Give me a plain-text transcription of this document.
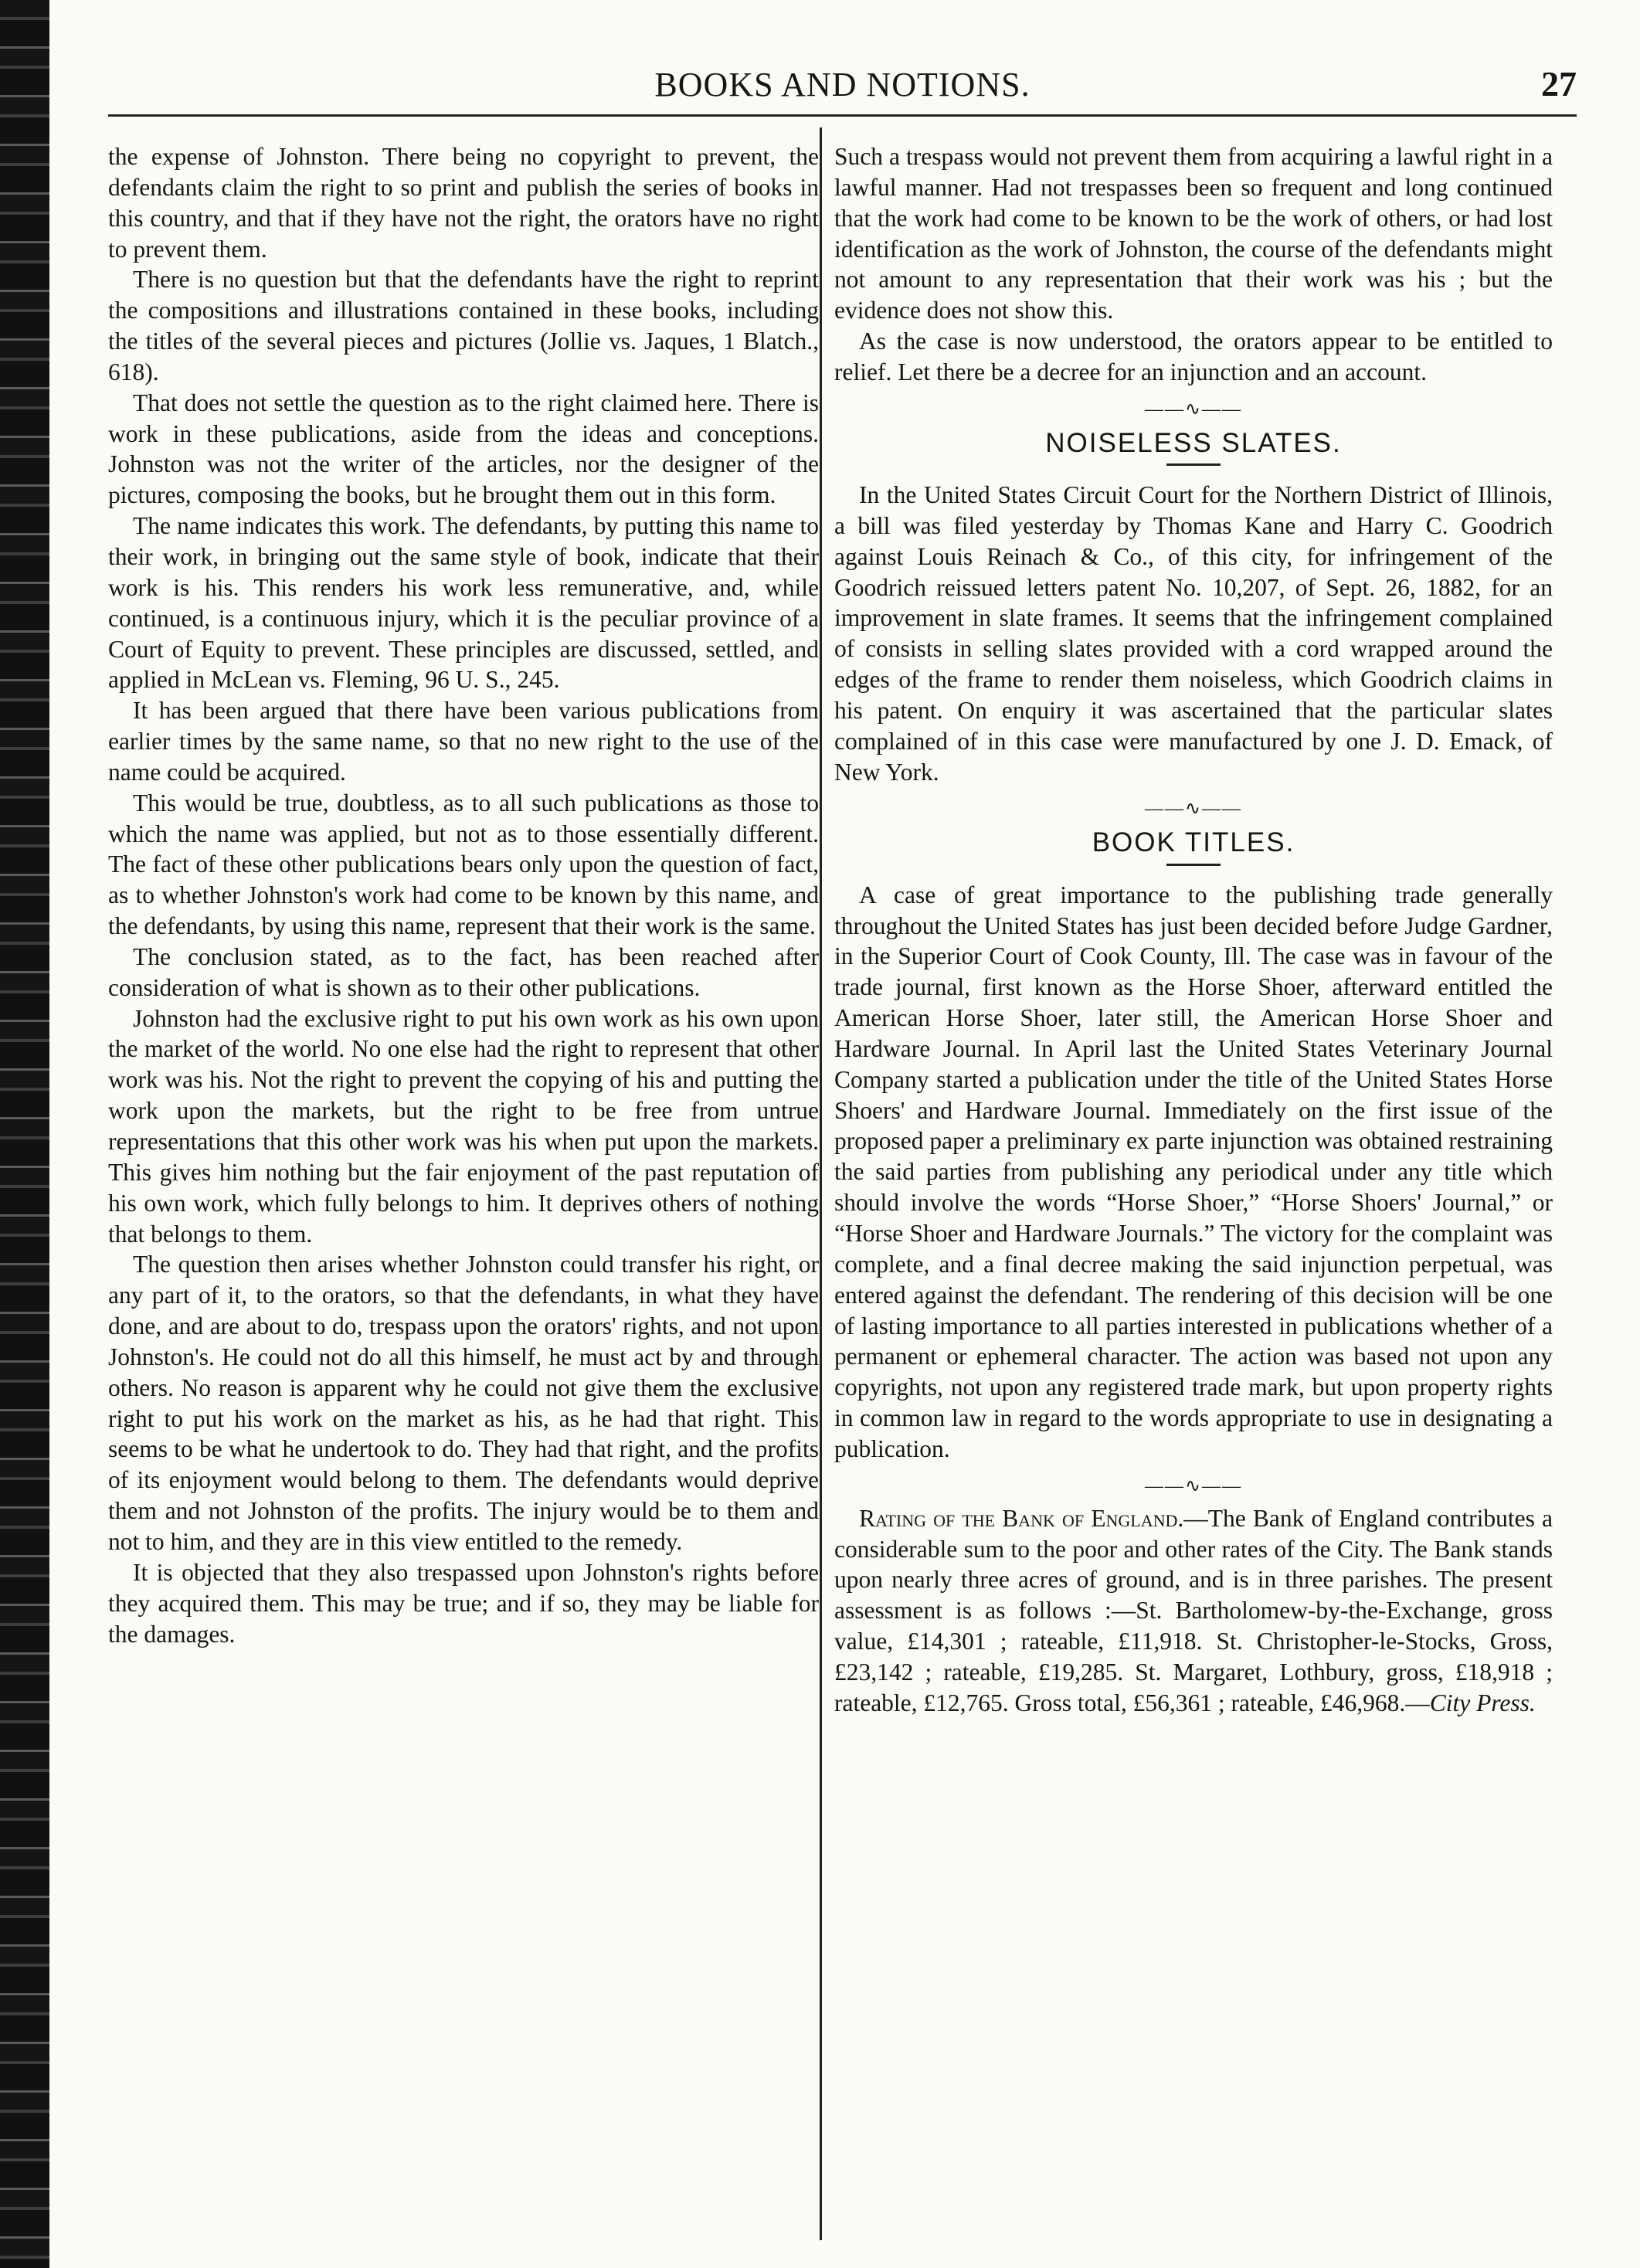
BOOKS AND NOTIONS.	27

the expense of Johnston. There being no copyright to prevent, the defendants claim the right to so print and publish the series of books in this country, and that if they have not the right, the orators have no right to prevent them.

There is no question but that the defendants have the right to reprint the compositions and illustrations contained in these books, including the titles of the several pieces and pictures (Jollie vs. Jaques, 1 Blatch., 618).

That does not settle the question as to the right claimed here. There is work in these publications, aside from the ideas and conceptions. Johnston was not the writer of the articles, nor the designer of the pictures, composing the books, but he brought them out in this form.

The name indicates this work. The defendants, by putting this name to their work, in bringing out the same style of book, indicate that their work is his. This renders his work less remunerative, and, while continued, is a continuous injury, which it is the peculiar province of a Court of Equity to prevent. These principles are discussed, settled, and applied in McLean vs. Fleming, 96 U. S., 245.

It has been argued that there have been various publications from earlier times by the same name, so that no new right to the use of the name could be acquired.

This would be true, doubtless, as to all such publications as those to which the name was applied, but not as to those essentially different. The fact of these other publications bears only upon the question of fact, as to whether Johnston's work had come to be known by this name, and the defendants, by using this name, represent that their work is the same.

The conclusion stated, as to the fact, has been reached after consideration of what is shown as to their other publications.

Johnston had the exclusive right to put his own work as his own upon the market of the world. No one else had the right to represent that other work was his. Not the right to prevent the copying of his and putting the work upon the markets, but the right to be free from untrue representations that this other work was his when put upon the markets. This gives him nothing but the fair enjoyment of the past reputation of his own work, which fully belongs to him. It deprives others of nothing that belongs to them.

The question then arises whether Johnston could transfer his right, or any part of it, to the orators, so that the defendants, in what they have done, and are about to do, trespass upon the orators' rights, and not upon Johnston's. He could not do all this himself, he must act by and through others. No reason is apparent why he could not give them the exclusive right to put his work on the market as his, as he had that right. This seems to be what he undertook to do. They had that right, and the profits of its enjoyment would belong to them. The defendants would deprive them and not Johnston of the profits. The injury would be to them and not to him, and they are in this view entitled to the remedy.

It is objected that they also trespassed upon Johnston's rights before they acquired them. This may be true; and if so, they may be liable for the damages.

Such a trespass would not prevent them from acquiring a lawful right in a lawful manner. Had not trespasses been so frequent and long continued that the work had come to be known to be the work of others, or had lost identification as the work of Johnston, the course of the defendants might not amount to any representation that their work was his ; but the evidence does not show this.

As the case is now understood, the orators appear to be entitled to relief. Let there be a decree for an injunction and an account.

——∿——
NOISELESS SLATES.

In the United States Circuit Court for the Northern District of Illinois, a bill was filed yesterday by Thomas Kane and Harry C. Goodrich against Louis Reinach & Co., of this city, for infringement of the Goodrich reissued letters patent No. 10,207, of Sept. 26, 1882, for an improvement in slate frames. It seems that the infringement complained of consists in selling slates provided with a cord wrapped around the edges of the frame to render them noiseless, which Goodrich claims in his patent. On enquiry it was ascertained that the particular slates complained of in this case were manufactured by one J. D. Emack, of New York.

——∿——
BOOK TITLES.

A case of great importance to the publishing trade generally throughout the United States has just been decided before Judge Gardner, in the Superior Court of Cook County, Ill. The case was in favour of the trade journal, first known as the Horse Shoer, afterward entitled the American Horse Shoer, later still, the American Horse Shoer and Hardware Journal. In April last the United States Veterinary Journal Company started a publication under the title of the United States Horse Shoers' and Hardware Journal. Immediately on the first issue of the proposed paper a preliminary ex parte injunction was obtained restraining the said parties from publishing any periodical under any title which should involve the words “Horse Shoer,” “Horse Shoers' Journal,” or “Horse Shoer and Hardware Journals.” The victory for the complaint was complete, and a final decree making the said injunction perpetual, was entered against the defendant. The rendering of this decision will be one of lasting importance to all parties interested in publications whether of a permanent or ephemeral character. The action was based not upon any copyrights, not upon any registered trade mark, but upon property rights in common law in regard to the words appropriate to use in designating a publication.

——∿——

Rating of the Bank of England.—The Bank of England contributes a considerable sum to the poor and other rates of the City. The Bank stands upon nearly three acres of ground, and is in three parishes. The present assessment is as follows :—St. Bartholomew-by-the-Exchange, gross value, £14,301 ; rateable, £11,918. St. Christopher-le-Stocks, Gross, £23,142 ; rateable, £19,285. St. Margaret, Lothbury, gross, £18,918 ; rateable, £12,765. Gross total, £56,361 ; rateable, £46,968.—City Press.
